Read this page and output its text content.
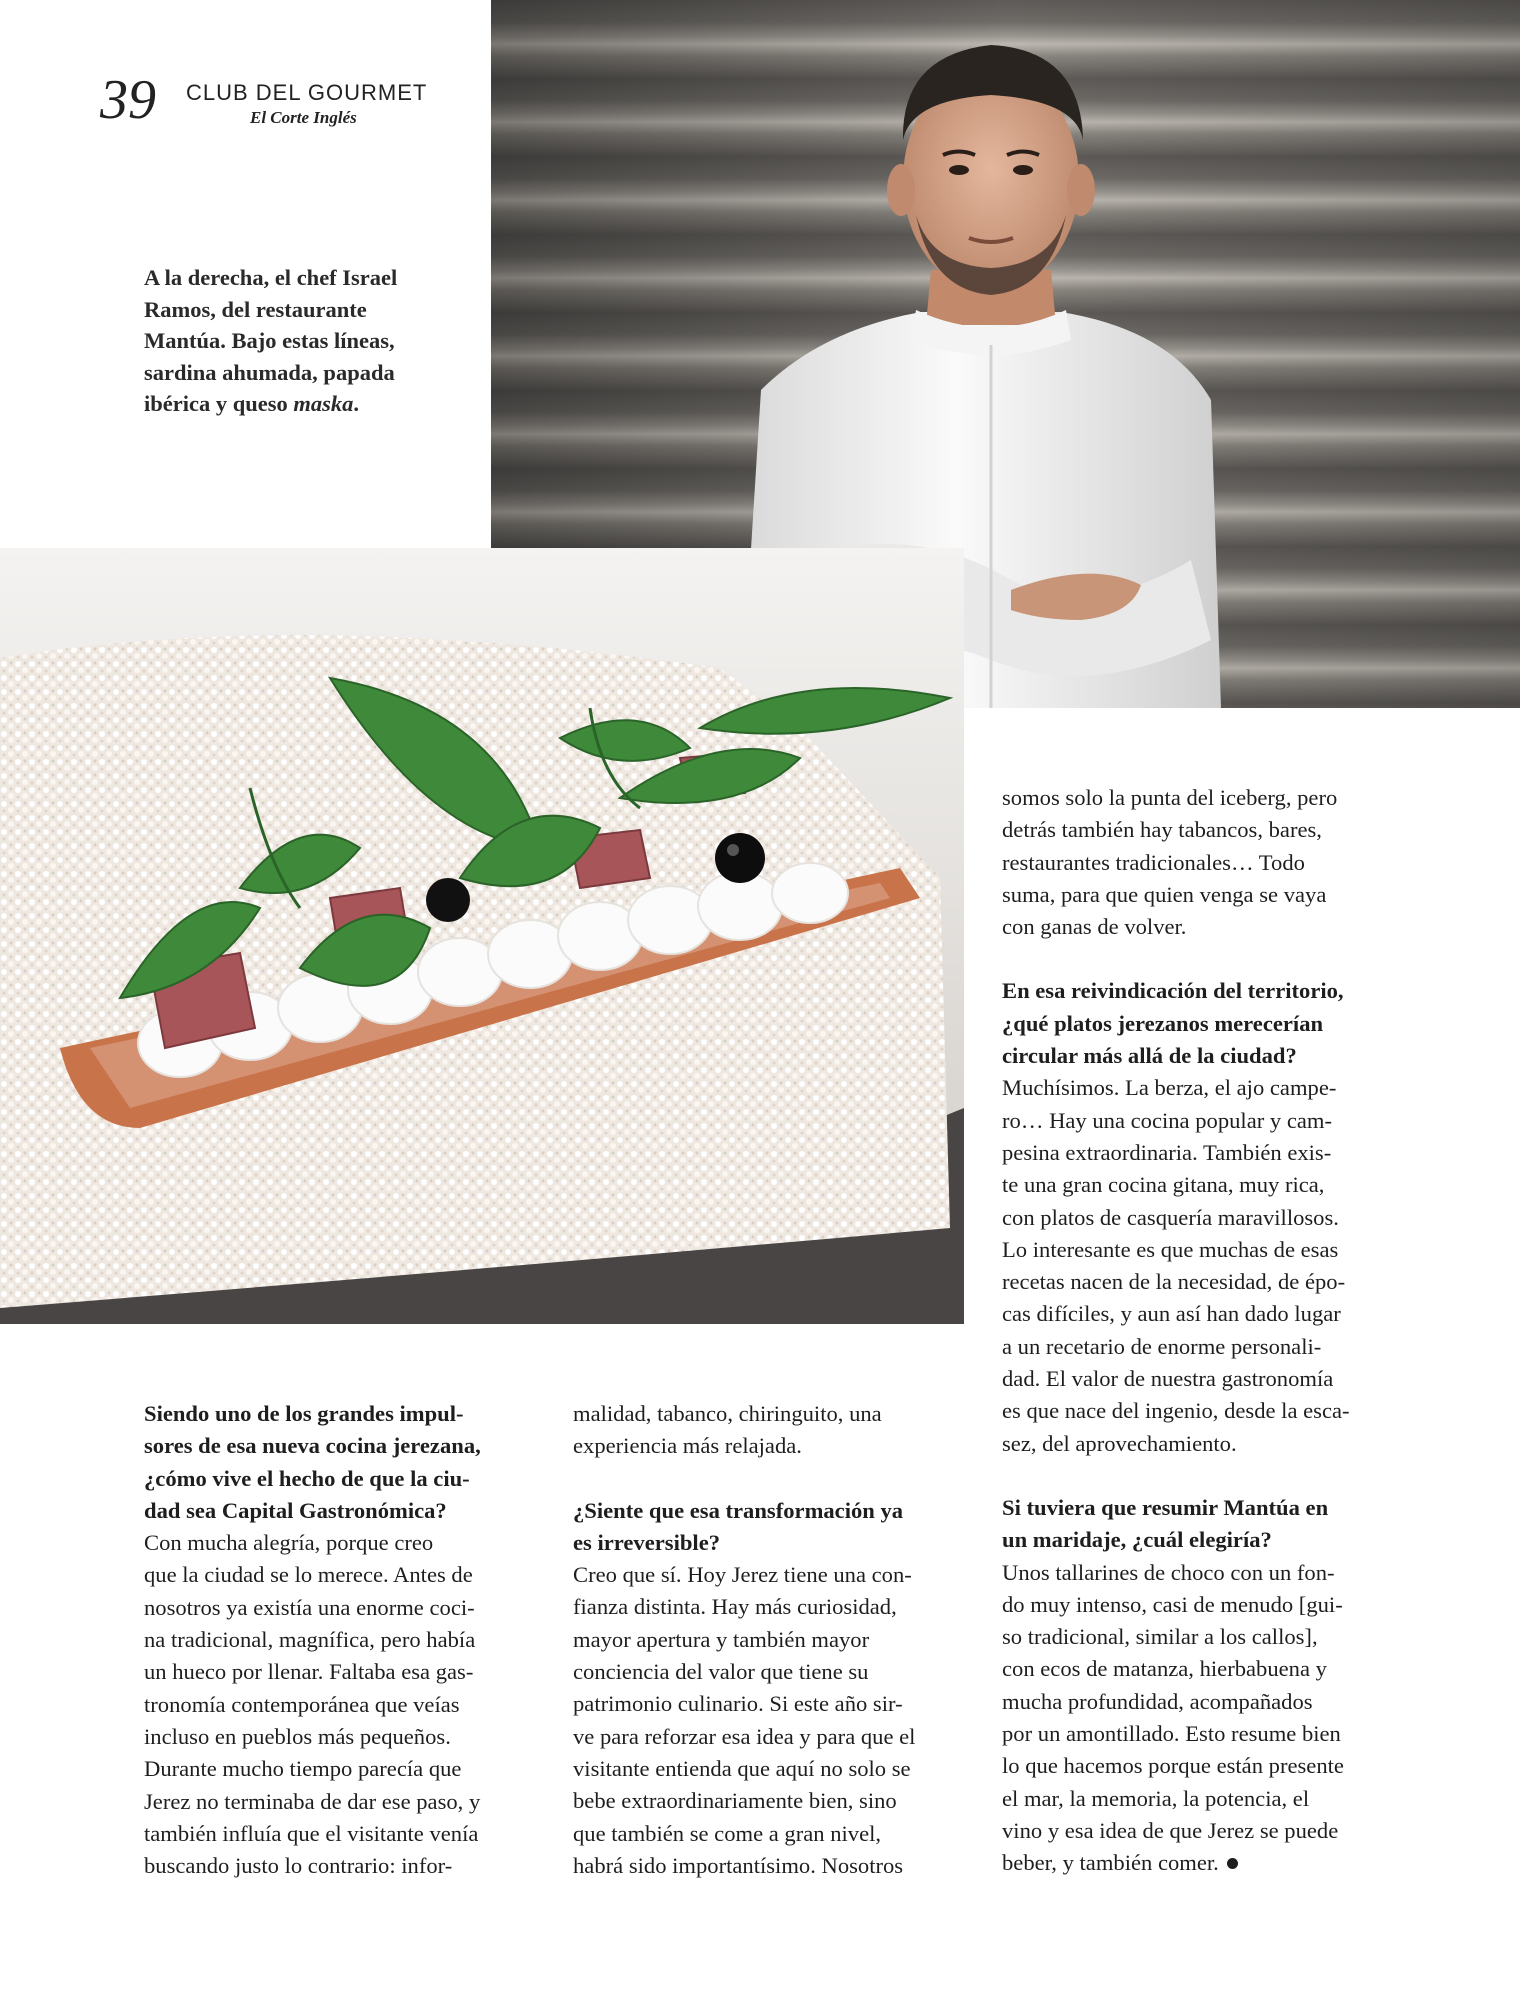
39 CLUB DEL GOURMET
El Corte Inglés
A la derecha, el chef Israel Ramos, del restaurante Mantúa. Bajo estas líneas, sardina ahumada, papada ibérica y queso maska.

Siendo uno de los grandes impul-

sores de esa nueva cocina jerezana,

¿cómo vive el hecho de que la ciu-

dad sea Capital Gastronómica?

Con mucha alegría, porque creo

que la ciudad se lo merece. Antes de

nosotros ya existía una enorme coci-

na tradicional, magnífica, pero había

un hueco por llenar. Faltaba esa gas-

tronomía contemporánea que veías

incluso en pueblos más pequeños.

Durante mucho tiempo parecía que

Jerez no terminaba de dar ese paso, y

también influía que el visitante venía

buscando justo lo contrario: infor-

malidad, tabanco, chiringuito, una

experiencia más relajada.

¿Siente que esa transformación ya

es irreversible?

Creo que sí. Hoy Jerez tiene una con-

fianza distinta. Hay más curiosidad,

mayor apertura y también mayor

conciencia del valor que tiene su

patrimonio culinario. Si este año sir-

ve para reforzar esa idea y para que el

visitante entienda que aquí no solo se

bebe extraordinariamente bien, sino

que también se come a gran nivel,

habrá sido importantísimo. Nosotros

somos solo la punta del iceberg, pero

detrás también hay tabancos, bares,

restaurantes tradicionales… Todo

suma, para que quien venga se vaya

con ganas de volver.

En esa reivindicación del territorio,

¿qué platos jerezanos merecerían

circular más allá de la ciudad?

Muchísimos. La berza, el ajo campe-

ro… Hay una cocina popular y cam-

pesina extraordinaria. También exis-

te una gran cocina gitana, muy rica,

con platos de casquería maravillosos.

Lo interesante es que muchas de esas

recetas nacen de la necesidad, de épo-

cas difíciles, y aun así han dado lugar

a un recetario de enorme personali-

dad. El valor de nuestra gastronomía

es que nace del ingenio, desde la esca-

sez, del aprovechamiento.

Si tuviera que resumir Mantúa en

un maridaje, ¿cuál elegiría?

Unos tallarines de choco con un fon-

do muy intenso, casi de menudo [gui-

so tradicional, similar a los callos],

con ecos de matanza, hierbabuena y

mucha profundidad, acompañados

por un amontillado. Esto resume bien

lo que hacemos porque están presente

el mar, la memoria, la potencia, el

vino y esa idea de que Jerez se puede

beber, y también comer.
